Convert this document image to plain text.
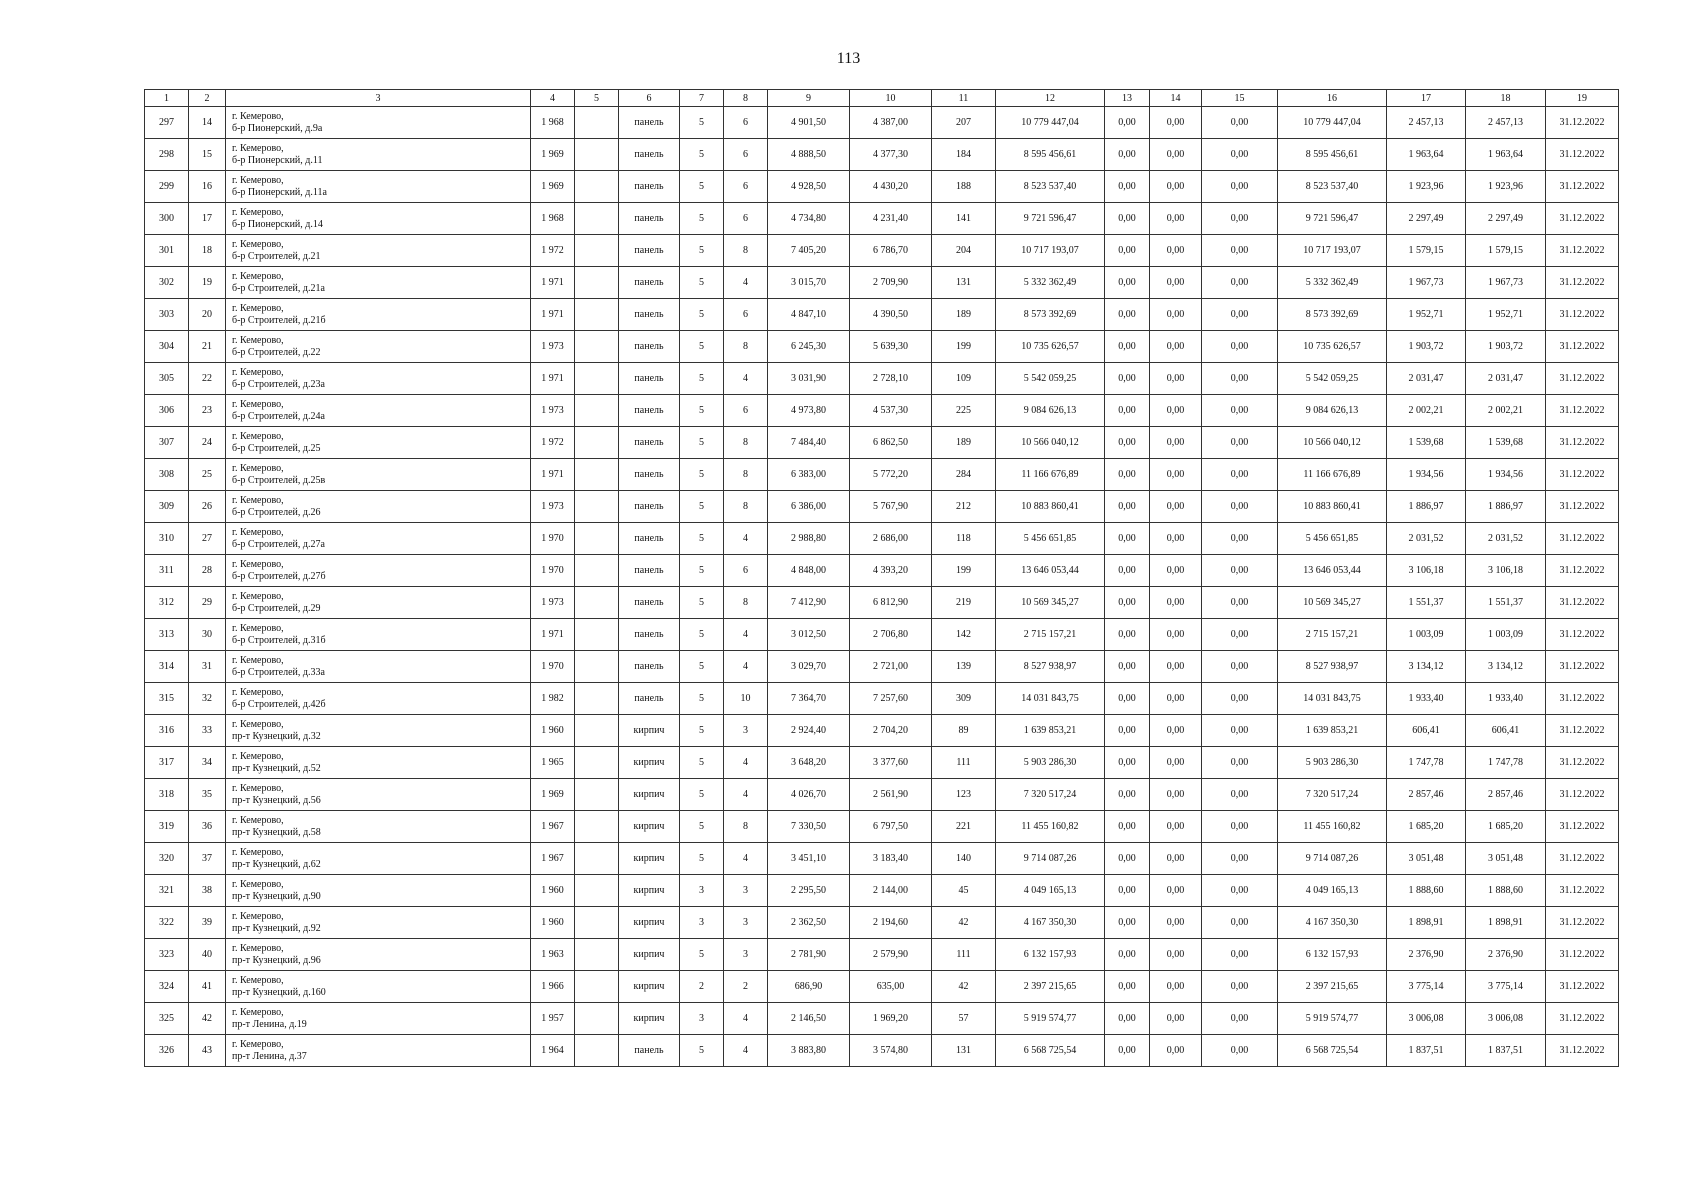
113
1	2	3	4	5	6	7	8	9	10	11	12	13	14	15	16	17	18	19
297	14	г. Кемерово,
б-р Пионерский, д.9а	1 968		панель	5	6	4 901,50	4 387,00	207	10 779 447,04	0,00	0,00	0,00	10 779 447,04	2 457,13	2 457,13	31.12.2022
298	15	г. Кемерово,
б-р Пионерский, д.11	1 969		панель	5	6	4 888,50	4 377,30	184	8 595 456,61	0,00	0,00	0,00	8 595 456,61	1 963,64	1 963,64	31.12.2022
299	16	г. Кемерово,
б-р Пионерский, д.11а	1 969		панель	5	6	4 928,50	4 430,20	188	8 523 537,40	0,00	0,00	0,00	8 523 537,40	1 923,96	1 923,96	31.12.2022
300	17	г. Кемерово,
б-р Пионерский, д.14	1 968		панель	5	6	4 734,80	4 231,40	141	9 721 596,47	0,00	0,00	0,00	9 721 596,47	2 297,49	2 297,49	31.12.2022
301	18	г. Кемерово,
б-р Строителей, д.21	1 972		панель	5	8	7 405,20	6 786,70	204	10 717 193,07	0,00	0,00	0,00	10 717 193,07	1 579,15	1 579,15	31.12.2022
302	19	г. Кемерово,
б-р Строителей, д.21а	1 971		панель	5	4	3 015,70	2 709,90	131	5 332 362,49	0,00	0,00	0,00	5 332 362,49	1 967,73	1 967,73	31.12.2022
303	20	г. Кемерово,
б-р Строителей, д.21б	1 971		панель	5	6	4 847,10	4 390,50	189	8 573 392,69	0,00	0,00	0,00	8 573 392,69	1 952,71	1 952,71	31.12.2022
304	21	г. Кемерово,
б-р Строителей, д.22	1 973		панель	5	8	6 245,30	5 639,30	199	10 735 626,57	0,00	0,00	0,00	10 735 626,57	1 903,72	1 903,72	31.12.2022
305	22	г. Кемерово,
б-р Строителей, д.23а	1 971		панель	5	4	3 031,90	2 728,10	109	5 542 059,25	0,00	0,00	0,00	5 542 059,25	2 031,47	2 031,47	31.12.2022
306	23	г. Кемерово,
б-р Строителей, д.24а	1 973		панель	5	6	4 973,80	4 537,30	225	9 084 626,13	0,00	0,00	0,00	9 084 626,13	2 002,21	2 002,21	31.12.2022
307	24	г. Кемерово,
б-р Строителей, д.25	1 972		панель	5	8	7 484,40	6 862,50	189	10 566 040,12	0,00	0,00	0,00	10 566 040,12	1 539,68	1 539,68	31.12.2022
308	25	г. Кемерово,
б-р Строителей, д.25в	1 971		панель	5	8	6 383,00	5 772,20	284	11 166 676,89	0,00	0,00	0,00	11 166 676,89	1 934,56	1 934,56	31.12.2022
309	26	г. Кемерово,
б-р Строителей, д.26	1 973		панель	5	8	6 386,00	5 767,90	212	10 883 860,41	0,00	0,00	0,00	10 883 860,41	1 886,97	1 886,97	31.12.2022
310	27	г. Кемерово,
б-р Строителей, д.27а	1 970		панель	5	4	2 988,80	2 686,00	118	5 456 651,85	0,00	0,00	0,00	5 456 651,85	2 031,52	2 031,52	31.12.2022
311	28	г. Кемерово,
б-р Строителей, д.27б	1 970		панель	5	6	4 848,00	4 393,20	199	13 646 053,44	0,00	0,00	0,00	13 646 053,44	3 106,18	3 106,18	31.12.2022
312	29	г. Кемерово,
б-р Строителей, д.29	1 973		панель	5	8	7 412,90	6 812,90	219	10 569 345,27	0,00	0,00	0,00	10 569 345,27	1 551,37	1 551,37	31.12.2022
313	30	г. Кемерово,
б-р Строителей, д.31б	1 971		панель	5	4	3 012,50	2 706,80	142	2 715 157,21	0,00	0,00	0,00	2 715 157,21	1 003,09	1 003,09	31.12.2022
314	31	г. Кемерово,
б-р Строителей, д.33а	1 970		панель	5	4	3 029,70	2 721,00	139	8 527 938,97	0,00	0,00	0,00	8 527 938,97	3 134,12	3 134,12	31.12.2022
315	32	г. Кемерово,
б-р Строителей, д.42б	1 982		панель	5	10	7 364,70	7 257,60	309	14 031 843,75	0,00	0,00	0,00	14 031 843,75	1 933,40	1 933,40	31.12.2022
316	33	г. Кемерово,
пр-т Кузнецкий, д.32	1 960		кирпич	5	3	2 924,40	2 704,20	89	1 639 853,21	0,00	0,00	0,00	1 639 853,21	606,41	606,41	31.12.2022
317	34	г. Кемерово,
пр-т Кузнецкий, д.52	1 965		кирпич	5	4	3 648,20	3 377,60	111	5 903 286,30	0,00	0,00	0,00	5 903 286,30	1 747,78	1 747,78	31.12.2022
318	35	г. Кемерово,
пр-т Кузнецкий, д.56	1 969		кирпич	5	4	4 026,70	2 561,90	123	7 320 517,24	0,00	0,00	0,00	7 320 517,24	2 857,46	2 857,46	31.12.2022
319	36	г. Кемерово,
пр-т Кузнецкий, д.58	1 967		кирпич	5	8	7 330,50	6 797,50	221	11 455 160,82	0,00	0,00	0,00	11 455 160,82	1 685,20	1 685,20	31.12.2022
320	37	г. Кемерово,
пр-т Кузнецкий, д.62	1 967		кирпич	5	4	3 451,10	3 183,40	140	9 714 087,26	0,00	0,00	0,00	9 714 087,26	3 051,48	3 051,48	31.12.2022
321	38	г. Кемерово,
пр-т Кузнецкий, д.90	1 960		кирпич	3	3	2 295,50	2 144,00	45	4 049 165,13	0,00	0,00	0,00	4 049 165,13	1 888,60	1 888,60	31.12.2022
322	39	г. Кемерово,
пр-т Кузнецкий, д.92	1 960		кирпич	3	3	2 362,50	2 194,60	42	4 167 350,30	0,00	0,00	0,00	4 167 350,30	1 898,91	1 898,91	31.12.2022
323	40	г. Кемерово,
пр-т Кузнецкий, д.96	1 963		кирпич	5	3	2 781,90	2 579,90	111	6 132 157,93	0,00	0,00	0,00	6 132 157,93	2 376,90	2 376,90	31.12.2022
324	41	г. Кемерово,
пр-т Кузнецкий, д.160	1 966		кирпич	2	2	686,90	635,00	42	2 397 215,65	0,00	0,00	0,00	2 397 215,65	3 775,14	3 775,14	31.12.2022
325	42	г. Кемерово,
пр-т Ленина, д.19	1 957		кирпич	3	4	2 146,50	1 969,20	57	5 919 574,77	0,00	0,00	0,00	5 919 574,77	3 006,08	3 006,08	31.12.2022
326	43	г. Кемерово,
пр-т Ленина, д.37	1 964		панель	5	4	3 883,80	3 574,80	131	6 568 725,54	0,00	0,00	0,00	6 568 725,54	1 837,51	1 837,51	31.12.2022
